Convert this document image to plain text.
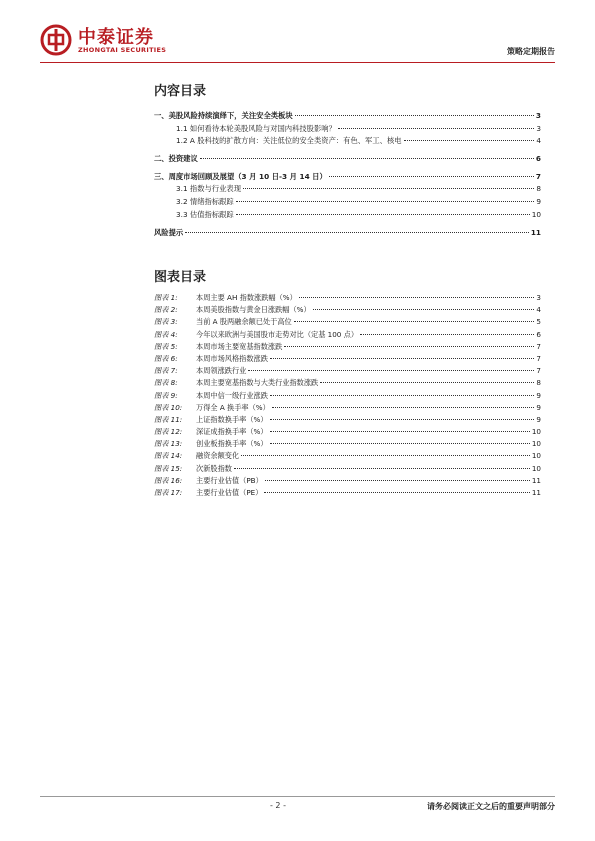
中泰证券
ZHONGTAI SECURITIES	策略定期报告
内容目录
一、美股风险持续演绎下，关注安全类板块	3
1.1 如何看待本轮美股风险与对国内科技股影响？	3
1.2 A 股科技的扩散方向：关注低位的安全类资产：有色、军工、核电	4
二、投资建议	6
三、周度市场回顾及展望（3 月 10 日-3 月 14 日）	7
3.1 指数与行业表现	8
3.2 情绪指标跟踪	9
3.3 估值指标跟踪	10
风险提示	11
图表目录
图表 1:	本周主要 AH 指数涨跌幅（%）	3
图表 2:	本周美股指数与黄金日涨跌幅（%）	4
图表 3:	当前 A 股两融余额已处于高位	5
图表 4:	今年以来欧洲与美国股市走势对比（定基 100 点）	6
图表 5:	本周市场主要宽基指数涨跌	7
图表 6:	本周市场风格指数涨跌	7
图表 7:	本周领涨跌行业	7
图表 8:	本周主要宽基指数与大类行业指数涨跌	8
图表 9:	本周中信一级行业涨跌	9
图表 10:	万得全 A 换手率（%）	9
图表 11:	上证指数换手率（%）	9
图表 12:	深证成指换手率（%）	10
图表 13:	创业板指换手率（%）	10
图表 14:	融资余额变化	10
图表 15:	次新股指数	10
图表 16:	主要行业估值（PB）	11
图表 17:	主要行业估值（PE）	11
- 2 -	请务必阅读正文之后的重要声明部分
